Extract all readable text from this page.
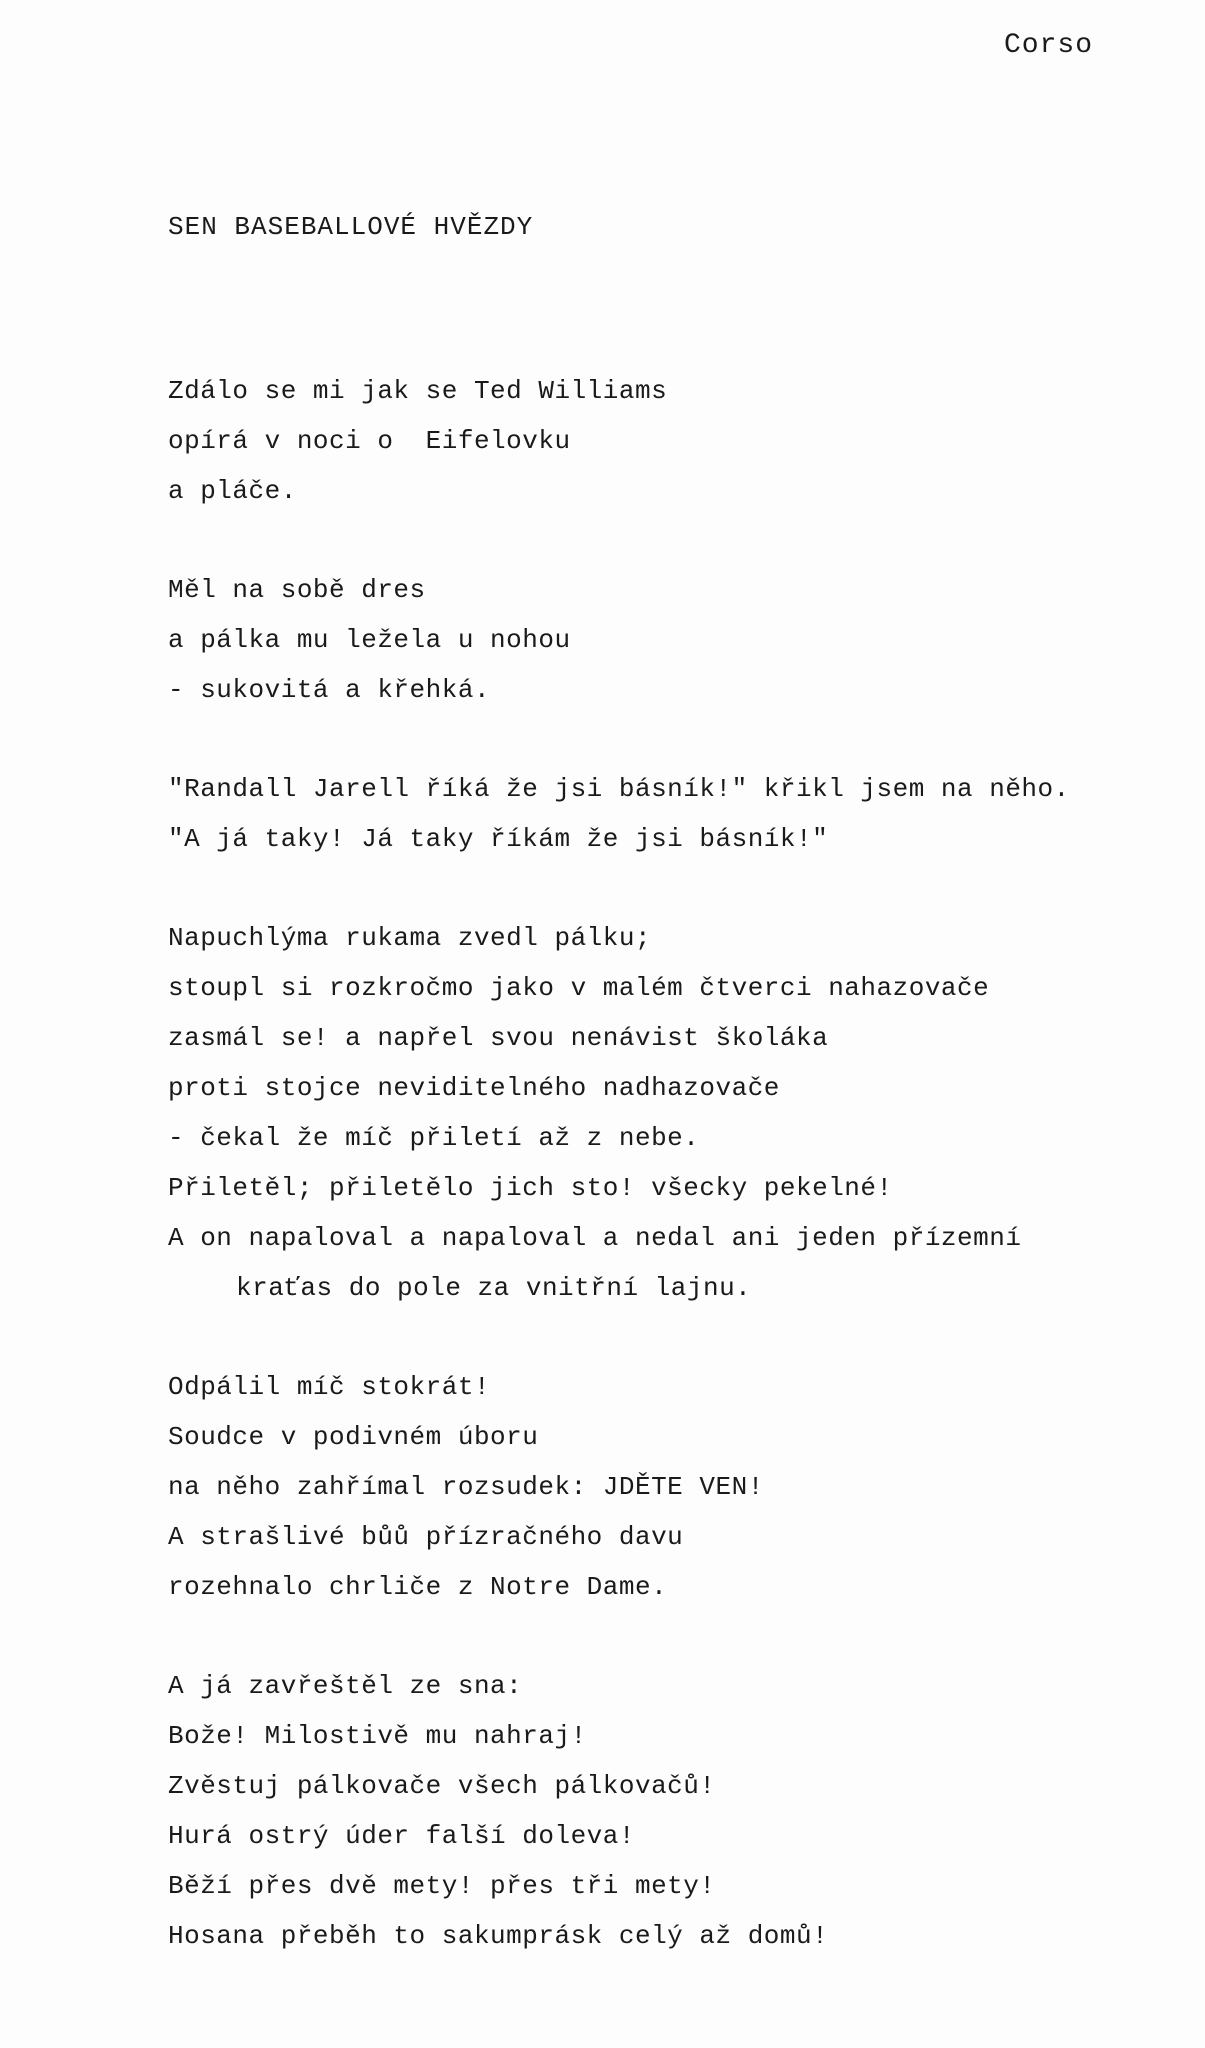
Corso
SEN BASEBALLOVÉ HVĚZDY
Zdálo se mi jak se Ted Williams
opírá v noci o  Eifelovku
a pláče.
Měl na sobě dres
a pálka mu ležela u nohou
- sukovitá a křehká.
"Randall Jarell říká že jsi básník!" křikl jsem na něho.
"A já taky! Já taky říkám že jsi básník!"
Napuchlýma rukama zvedl pálku;
stoupl si rozkročmo jako v malém čtverci nahazovače
zasmál se! a napřel svou nenávist školáka
proti stojce neviditelného nadhazovače
- čekal že míč přiletí až z nebe.
Přiletěl; přiletělo jich sto! všecky pekelné!
A on napaloval a napaloval a nedal ani jeden přízemní
kraťas do pole za vnitřní lajnu.
Odpálil míč stokrát!
Soudce v podivném úboru
na něho zahřímal rozsudek: JDĚTE VEN!
A strašlivé bůů přízračného davu
rozehnalo chrliče z Notre Dame.
A já zavřeštěl ze sna:
Bože! Milostivě mu nahraj!
Zvěstuj pálkovače všech pálkovačů!
Hurá ostrý úder falší doleva!
Běží přes dvě mety! přes tři mety!
Hosana přeběh to sakumprásk celý až domů!
